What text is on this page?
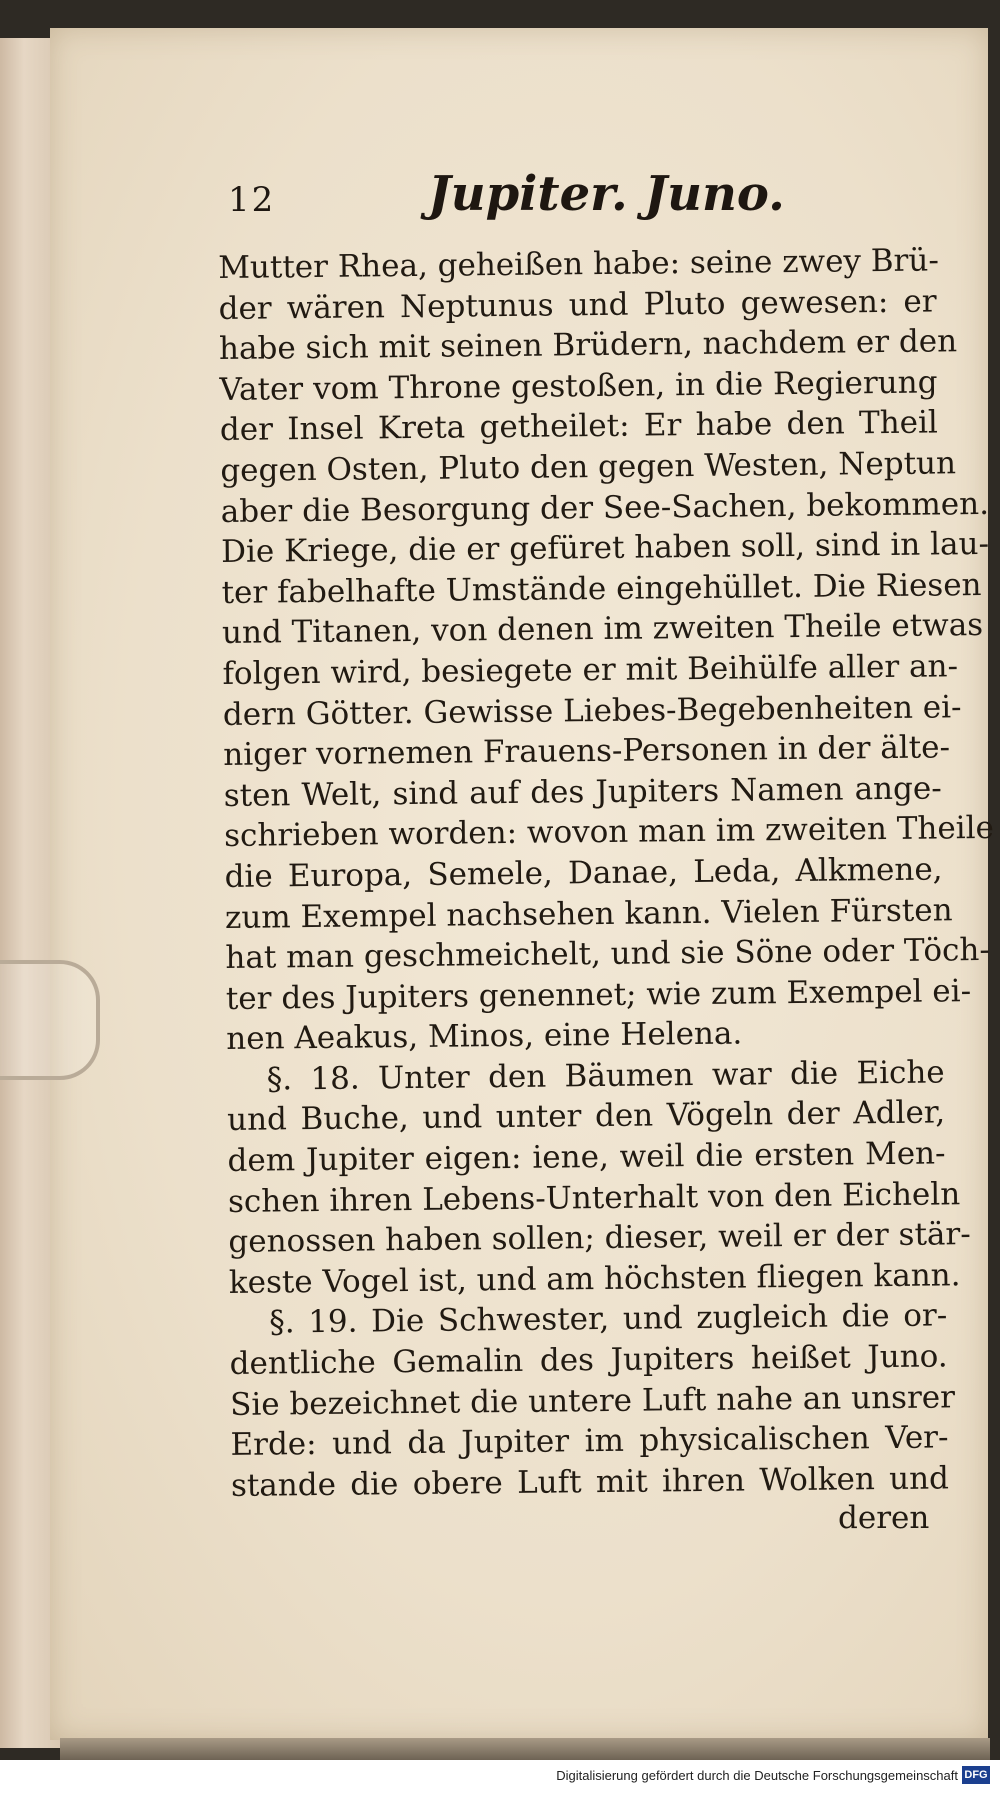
12	Jupiter. Juno.
Mutter Rhea, geheißen habe: seine zwey Brü-
der wären Neptunus und Pluto gewesen: er
habe sich mit seinen Brüdern, nachdem er den
Vater vom Throne gestoßen, in die Regierung
der Insel Kreta getheilet: Er habe den Theil
gegen Osten, Pluto den gegen Westen, Neptun
aber die Besorgung der See-Sachen, bekommen.
Die Kriege, die er gefüret haben soll, sind in lau-
ter fabelhafte Umstände eingehüllet. Die Riesen
und Titanen, von denen im zweiten Theile etwas
folgen wird, besiegete er mit Beihülfe aller an-
dern Götter. Gewisse Liebes-Begebenheiten ei-
niger vornemen Frauens-Personen in der älte-
sten Welt, sind auf des Jupiters Namen ange-
schrieben worden: wovon man im zweiten Theile
die Europa, Semele, Danae, Leda, Alkmene,
zum Exempel nachsehen kann. Vielen Fürsten
hat man geschmeichelt, und sie Söne oder Töch-
ter des Jupiters genennet; wie zum Exempel ei-
nen Aeakus, Minos, eine Helena.
§. 18. Unter den Bäumen war die Eiche
und Buche, und unter den Vögeln der Adler,
dem Jupiter eigen: iene, weil die ersten Men-
schen ihren Lebens-Unterhalt von den Eicheln
genossen haben sollen; dieser, weil er der stär-
keste Vogel ist, und am höchsten fliegen kann.
§. 19. Die Schwester, und zugleich die or-
dentliche Gemalin des Jupiters heißet Juno.
Sie bezeichnet die untere Luft nahe an unsrer
Erde: und da Jupiter im physicalischen Ver-
stande die obere Luft mit ihren Wolken und
deren
Digitalisierung gefördert durch die Deutsche Forschungsgemeinschaft DFG
